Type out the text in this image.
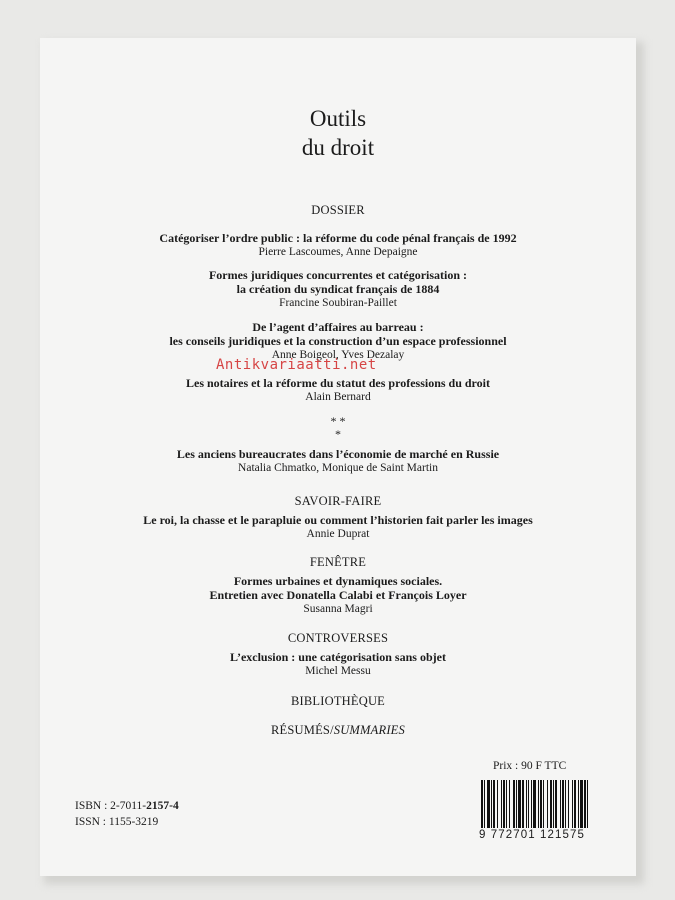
Outils
du droit
DOSSIER
Catégoriser l’ordre public : la réforme du code pénal français de 1992
Pierre Lascoumes, Anne Depaigne
Formes juridiques concurrentes et catégorisation :
la création du syndicat français de 1884
Francine Soubiran-Paillet
De l’agent d’affaires au barreau :
les conseils juridiques et la construction d’un espace professionnel
Anne Boigeol, Yves Dezalay
Les notaires et la réforme du statut des professions du droit
Alain Bernard
* *
*
Les anciens bureaucrates dans l’économie de marché en Russie
Natalia Chmatko, Monique de Saint Martin
SAVOIR-FAIRE
Le roi, la chasse et le parapluie ou comment l’historien fait parler les images
Annie Duprat
FENÊTRE
Formes urbaines et dynamiques sociales.
Entretien avec Donatella Calabi et François Loyer
Susanna Magri
CONTROVERSES
L’exclusion : une catégorisation sans objet
Michel Messu
BIBLIOTHÈQUE
RÉSUMÉS/SUMMARIES
Prix : 90 F TTC
ISBN : 2-7011-2157-4
ISSN : 1155-3219
9 772701 121575
Antikvariaatti.net
